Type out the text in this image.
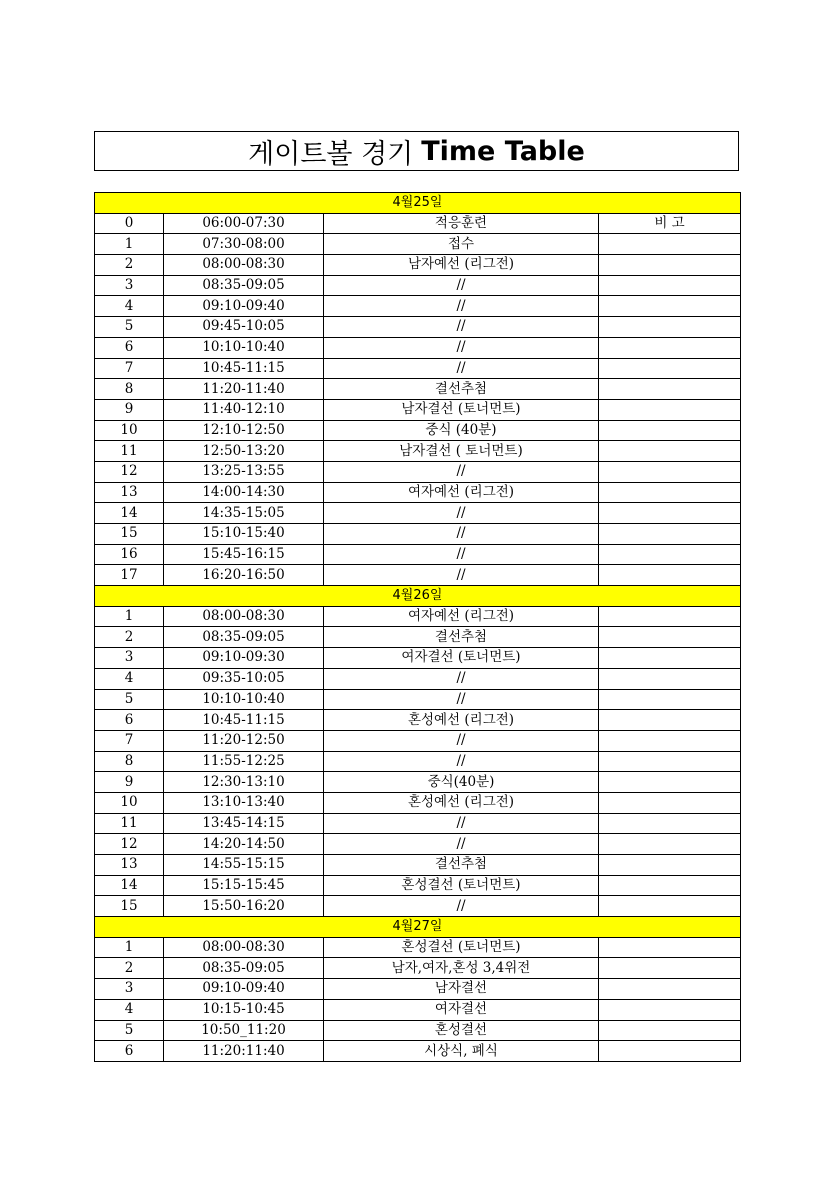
게이트볼 경기 Time Table
4월25일			
0	06:00-07:30	적응훈련	비 고
1	07:30-08:00	접수	
2	08:00-08:30	남자예선 (리그전)	
3	08:35-09:05	//	
4	09:10-09:40	//	
5	09:45-10:05	//	
6	10:10-10:40	//	
7	10:45-11:15	//	
8	11:20-11:40	결선추첨	
9	11:40-12:10	남자결선 (토너먼트)	
10	12:10-12:50	중식 (40분)	
11	12:50-13:20	남자결선 ( 토너먼트)	
12	13:25-13:55	//	
13	14:00-14:30	여자예선 (리그전)	
14	14:35-15:05	//	
15	15:10-15:40	//	
16	15:45-16:15	//	
17	16:20-16:50	//	
4월26일			
1	08:00-08:30	여자예선 (리그전)	
2	08:35-09:05	결선추첨	
3	09:10-09:30	여자결선 (토너먼트)	
4	09:35-10:05	//	
5	10:10-10:40	//	
6	10:45-11:15	혼성예선 (리그전)	
7	11:20-12:50	//	
8	11:55-12:25	//	
9	12:30-13:10	중식(40분)	
10	13:10-13:40	혼성예선 (리그전)	
11	13:45-14:15	//	
12	14:20-14:50	//	
13	14:55-15:15	결선추첨	
14	15:15-15:45	혼성결선 (토너먼트)	
15	15:50-16:20	//	
4월27일			
1	08:00-08:30	혼성결선 (토너먼트)	
2	08:35-09:05	남자,여자,혼성 3,4위전	
3	09:10-09:40	남자결선	
4	10:15-10:45	여자결선	
5	10:50_11:20	혼성결선	
6	11:20:11:40	시상식, 폐식	
